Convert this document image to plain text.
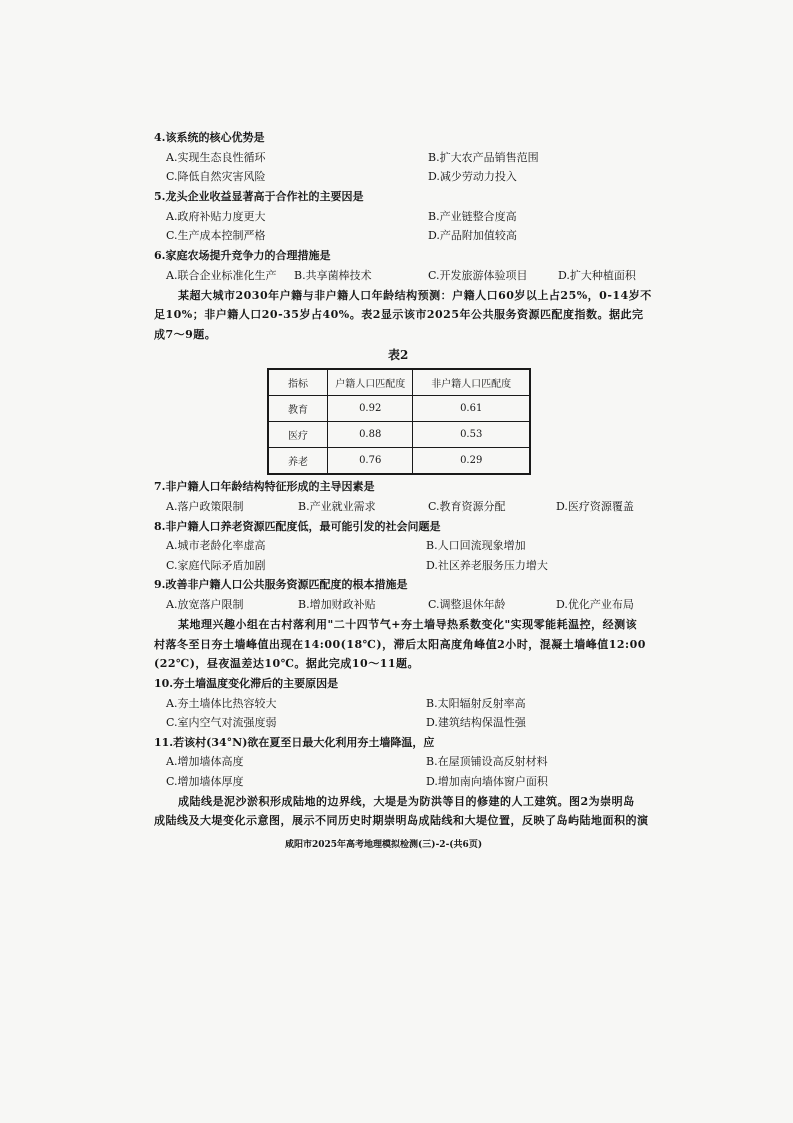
4.该系统的核心优势是
A.实现生态良性循环	B.扩大农产品销售范围
C.降低自然灾害风险	D.减少劳动力投入
5.龙头企业收益显著高于合作社的主要因是
A.政府补贴力度更大	B.产业链整合度高
C.生产成本控制严格	D.产品附加值较高
6.家庭农场提升竞争力的合理措施是
A.联合企业标准化生产 B.共享菌棒技术	C.开发旅游体验项目	D.扩大种植面积
某超大城市2030年户籍与非户籍人口年龄结构预测：户籍人口60岁以上占25%，0-14岁不
足10%；非户籍人口20-35岁占40%。表2显示该市2025年公共服务资源匹配度指数。据此完
成7～9题。
表2
指标	户籍人口匹配度	非户籍人口匹配度
教育	0.92	0.61
医疗	0.88	0.53
养老	0.76	0.29
7.非户籍人口年龄结构特征形成的主导因素是
A.落户政策限制	B.产业就业需求	C.教育资源分配	D.医疗资源覆盖
8.非户籍人口养老资源匹配度低，最可能引发的社会问题是
A.城市老龄化率虚高	B.人口回流现象增加
C.家庭代际矛盾加剧	D.社区养老服务压力增大
9.改善非户籍人口公共服务资源匹配度的根本措施是
A.放宽落户限制	B.增加财政补贴	C.调整退休年龄	D.优化产业布局
某地理兴趣小组在古村落利用"二十四节气+夯土墙导热系数变化"实现零能耗温控，经测该
村落冬至日夯土墙峰值出现在14:00(18℃)，滞后太阳高度角峰值2小时，混凝土墙峰值12:00
(22℃)，昼夜温差达10℃。据此完成10～11题。
10.夯土墙温度变化滞后的主要原因是
A.夯土墙体比热容较大	B.太阳辐射反射率高
C.室内空气对流强度弱	D.建筑结构保温性强
11.若该村(34°N)欲在夏至日最大化利用夯土墙降温，应
A.增加墙体高度	B.在屋顶铺设高反射材料
C.增加墙体厚度	D.增加南向墙体窗户面积
成陆线是泥沙淤积形成陆地的边界线，大堤是为防洪等目的修建的人工建筑。图2为崇明岛
成陆线及大堤变化示意图，展示不同历史时期崇明岛成陆线和大堤位置，反映了岛屿陆地面积的演
咸阳市2025年高考地理模拟检测(三)-2-(共6页)
